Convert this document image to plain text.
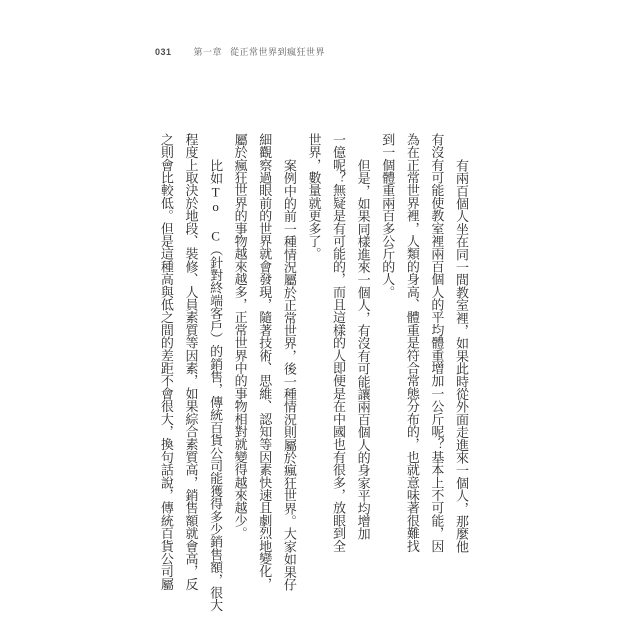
031 第一章 從正常世界到瘋狂世界
有兩百個人坐在同一間教室裡，如果此時從外面走進來一個人，那麼他
有沒有可能使教室裡兩百個人的平均體重增加一公斤呢？基本上不可能，因
為在正常世界裡，人類的身高、體重是符合常態分布的，也就意味著很難找
到一個體重兩百多公斤的人。
但是，如果同樣進來一個人，有沒有可能讓兩百個人的身家平均增加
一億呢？無疑是有可能的，而且這樣的人即便是在中國也有很多，放眼到全
世界，數量就更多了。
案例中的前一種情況屬於正常世界，後一種情況則屬於瘋狂世界。大家如果仔
細觀察過眼前的世界就會發現，隨著技術、思維、認知等因素快速且劇烈地變化，
屬於瘋狂世界的事物越來越多，正常世界中的事物相對就變得越來越少。
比如To C（針對終端客戶）的銷售，傳統百貨公司能獲得多少銷售額，很大
程度上取決於地段、裝修、人員素質等因素，如果綜合素質高，銷售額就會高，反
之則會比較低。但是這種高與低之間的差距不會很大，換句話說，傳統百貨公司屬
